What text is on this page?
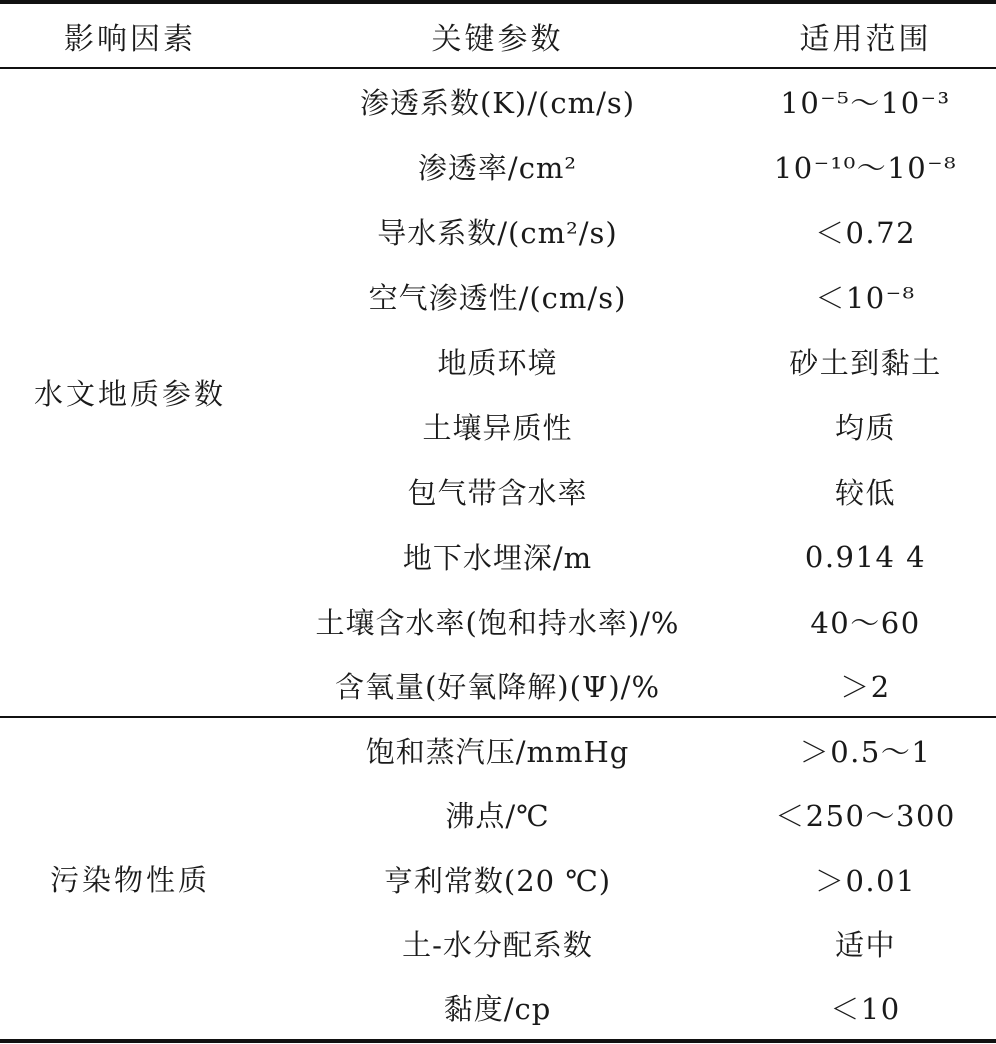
影响因素	关键参数	适用范围
水文地质参数
渗透系数(K)/(cm/s)	10⁻⁵～10⁻³
渗透率/cm²	10⁻¹⁰～10⁻⁸
导水系数/(cm²/s)	＜0.72
空气渗透性/(cm/s)	＜10⁻⁸
地质环境	砂土到黏土
土壤异质性	均质
包气带含水率	较低
地下水埋深/m	0.914 4
土壤含水率(饱和持水率)/%	40～60
含氧量(好氧降解)(Ψ)/%	＞2
污染物性质
饱和蒸汽压/mmHg	＞0.5～1
沸点/℃	＜250～300
亨利常数(20 ℃)	＞0.01
土-水分配系数	适中
黏度/cp	＜10
